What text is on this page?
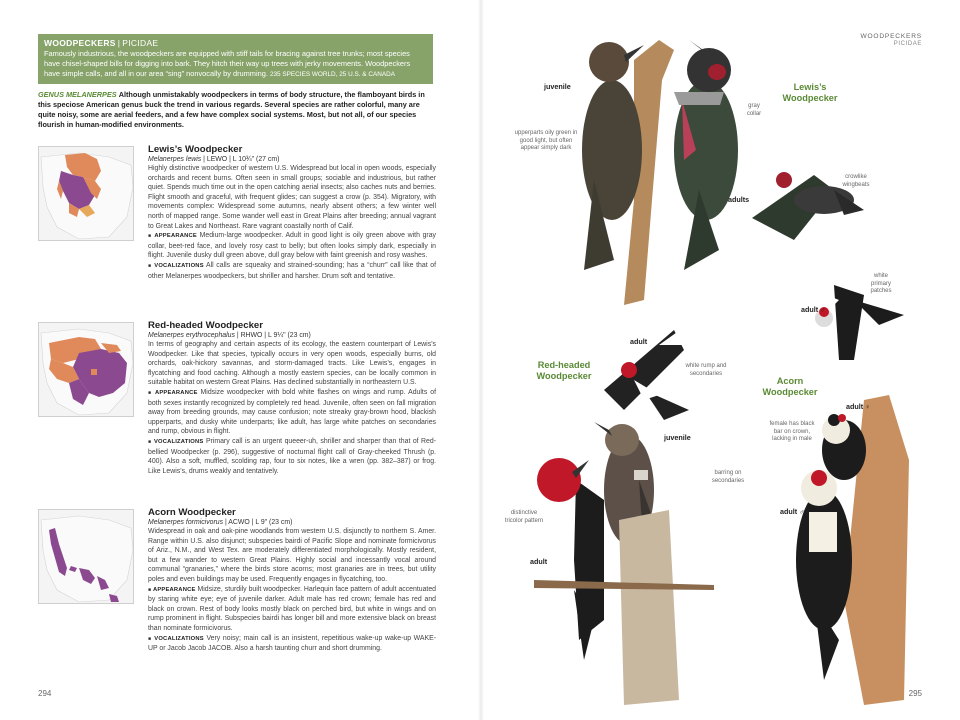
WOODPECKERS | PICIDAE
Famously industrious, the woodpeckers are equipped with stiff tails for bracing against tree trunks; most species have chisel-shaped bills for digging into bark. They hitch their way up trees with jerky movements. Woodpeckers have simple calls, and all in our area “sing” nonvocally by drumming. 235 SPECIES WORLD, 25 U.S. & CANADA
GENUS MELANERPES Although unmistakably woodpeckers in terms of body structure, the flamboyant birds in this speciose American genus buck the trend in various regards. Several species are rather colorful, many are quite noisy, some are aerial feeders, and a few have complex social systems. Most, but not all, of our species flourish in human-modified environments.
Lewis’s Woodpecker
Melanerpes lewis | LEWO | L 10¾" (27 cm)
Highly distinctive woodpecker of western U.S. Widespread but local in open woods, especially orchards and recent burns. Often seen in small groups; sociable and industrious, but rather quiet. Spends much time out in the open catching aerial insects; also caches nuts and berries. Flight smooth and graceful, with frequent glides; can suggest a crow (p. 354). Migratory, with movements complex: Widespread some autumns, nearly absent others; a few winter well north of mapped range. Some wander well east in Great Plains after breeding; annual vagrant to Great Lakes and Northeast. Rare vagrant coastally north of Calif.
■ APPEARANCE Medium-large woodpecker. Adult in good light is oily green above with gray collar, beet-red face, and lovely rosy cast to belly; but often looks simply dark, especially in flight. Juvenile dusky dull green above, dull gray below with faint greenish and rosy washes.
■ VOCALIZATIONS All calls are squeaky and strained-sounding; has a “churr” call like that of other Melanerpes woodpeckers, but shriller and harsher. Drum soft and tentative.
Red-headed Woodpecker
Melanerpes erythrocephalus | RHWO | L 9¼" (23 cm)
In terms of geography and certain aspects of its ecology, the eastern counterpart of Lewis’s Woodpecker. Like that species, typically occurs in very open woods, especially burns, old orchards, oak-hickory savannas, and storm-damaged tracts. Like Lewis’s, engages in flycatching and food caching. Although a mostly eastern species, can be locally common in suitable habitat on western Great Plains. Has declined substantially in northeastern U.S.
■ APPEARANCE Midsize woodpecker with bold white flashes on wings and rump. Adults of both sexes instantly recognized by completely red head. Juvenile, often seen on fall migration away from breeding grounds, may cause confusion; note streaky gray-brown hood, blackish upperparts, and dusky white underparts; like adult, has large white patches on secondaries and rump, obvious in flight.
■ VOCALIZATIONS Primary call is an urgent queeer-uh, shriller and sharper than that of Red-bellied Woodpecker (p. 296), suggestive of nocturnal flight call of Gray-cheeked Thrush (p. 400). Also a soft, muffled, scolding rap, four to six notes, like a wren (pp. 382–387) or frog. Like Lewis’s, drums weakly and tentatively.
Acorn Woodpecker
Melanerpes formicivorus | ACWO | L 9" (23 cm)
Widespread in oak and oak-pine woodlands from western U.S. disjunctly to northern S. Amer. Range within U.S. also disjunct; subspecies bairdi of Pacific Slope and nominate formicivorus of Ariz., N.M., and West Tex. are moderately differentiated morphologically. Mostly resident, but a few wander to western Great Plains. Highly social and incessantly vocal around communal “granaries,” where the birds store acorns; most granaries are in trees, but utility poles and even buildings may be used. Frequently engages in flycatching, too.
■ APPEARANCE Midsize, sturdily built woodpecker. Harlequin face pattern of adult accentuated by staring white eye; eye of juvenile darker. Adult male has red crown; female has red and black on crown. Rest of body looks mostly black on perched bird, but white in wings and on rump prominent in flight. Subspecies bairdi has longer bill and more extensive black on breast than nominate formicivorus.
■ VOCALIZATIONS Very noisy; main call is an insistent, repetitious wake-up wake-up WAKE-UP or Jacob Jacob JACOB. Also a harsh taunting churr and short drumming.
294
WOODPECKERS
PICIDAE
Lewis’s Woodpecker
Red-headed Woodpecker
Acorn Woodpecker
juvenile
upperparts oily green in good light, but often appear simply dark
gray collar
crowlike wingbeats
adults
white primary patches
adult ♂
adult
white rump and secondaries
juvenile
barring on secondaries
distinctive tricolor pattern
adult
adult ♀
female has black bar on crown, lacking in male
adult ♂
295
